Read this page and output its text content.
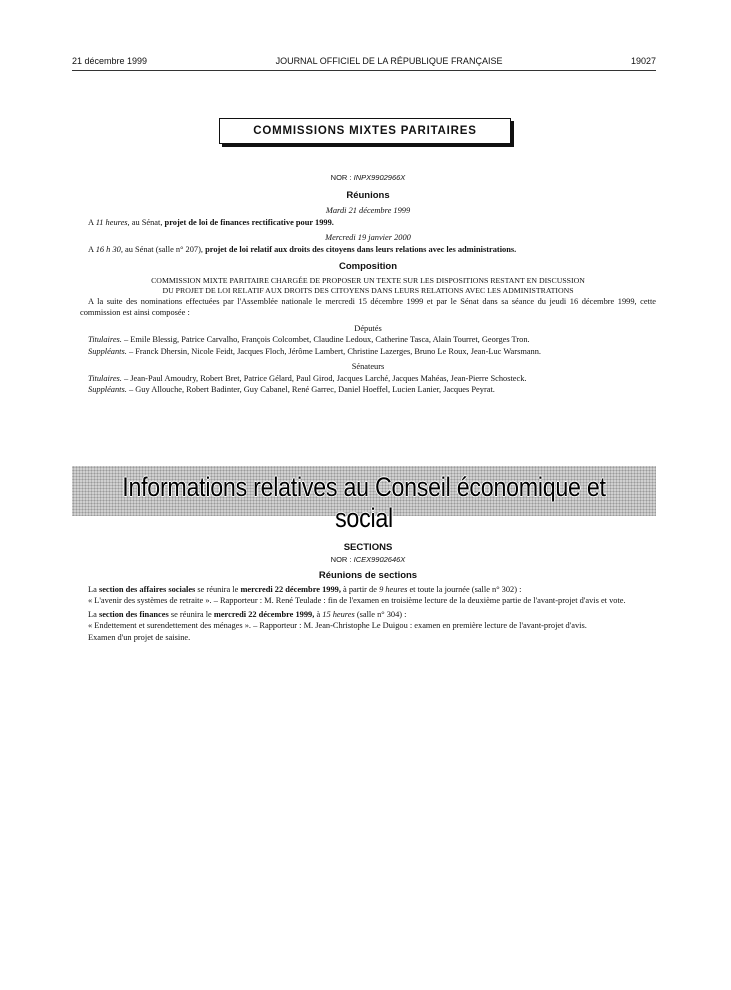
21 décembre 1999	JOURNAL OFFICIEL DE LA RÉPUBLIQUE FRANÇAISE	19027
COMMISSIONS MIXTES PARITAIRES

NOR : INPX9902966X

Réunions

Mardi 21 décembre 1999

A 11 heures, au Sénat, projet de loi de finances rectificative pour 1999.

Mercredi 19 janvier 2000

A 16 h 30, au Sénat (salle n° 207), projet de loi relatif aux droits des citoyens dans leurs relations avec les administrations.

Composition

COMMISSION MIXTE PARITAIRE CHARGÉE DE PROPOSER UN TEXTE SUR LES DISPOSITIONS RESTANT EN DISCUSSION

DU PROJET DE LOI RELATIF AUX DROITS DES CITOYENS DANS LEURS RELATIONS AVEC LES ADMINISTRATIONS

A la suite des nominations effectuées par l'Assemblée nationale le mercredi 15 décembre 1999 et par le Sénat dans sa séance du jeudi 16 décembre 1999, cette commission est ainsi composée :

Députés

Titulaires. – Emile Blessig, Patrice Carvalho, François Colcombet, Claudine Ledoux, Catherine Tasca, Alain Tourret, Georges Tron.

Suppléants. – Franck Dhersin, Nicole Feidt, Jacques Floch, Jérôme Lambert, Christine Lazerges, Bruno Le Roux, Jean-Luc Warsmann.

Sénateurs

Titulaires. – Jean-Paul Amoudry, Robert Bret, Patrice Gélard, Paul Girod, Jacques Larché, Jacques Mahéas, Jean-Pierre Schosteck.

Suppléants. – Guy Allouche, Robert Badinter, Guy Cabanel, René Garrec, Daniel Hoeffel, Lucien Lanier, Jacques Peyrat.

Informations relatives au Conseil économique et social

SECTIONS

NOR : ICEX9902646X

Réunions de sections

La section des affaires sociales se réunira le mercredi 22 décembre 1999, à partir de 9 heures et toute la journée (salle n° 302) :

« L'avenir des systèmes de retraite ». – Rapporteur : M. René Teulade : fin de l'examen en troisième lecture de la deuxième partie de l'avant-projet d'avis et vote.

La section des finances se réunira le mercredi 22 décembre 1999, à 15 heures (salle n° 304) :

« Endettement et surendettement des ménages ». – Rapporteur : M. Jean-Christophe Le Duigou : examen en première lecture de l'avant-projet d'avis.

Examen d'un projet de saisine.
